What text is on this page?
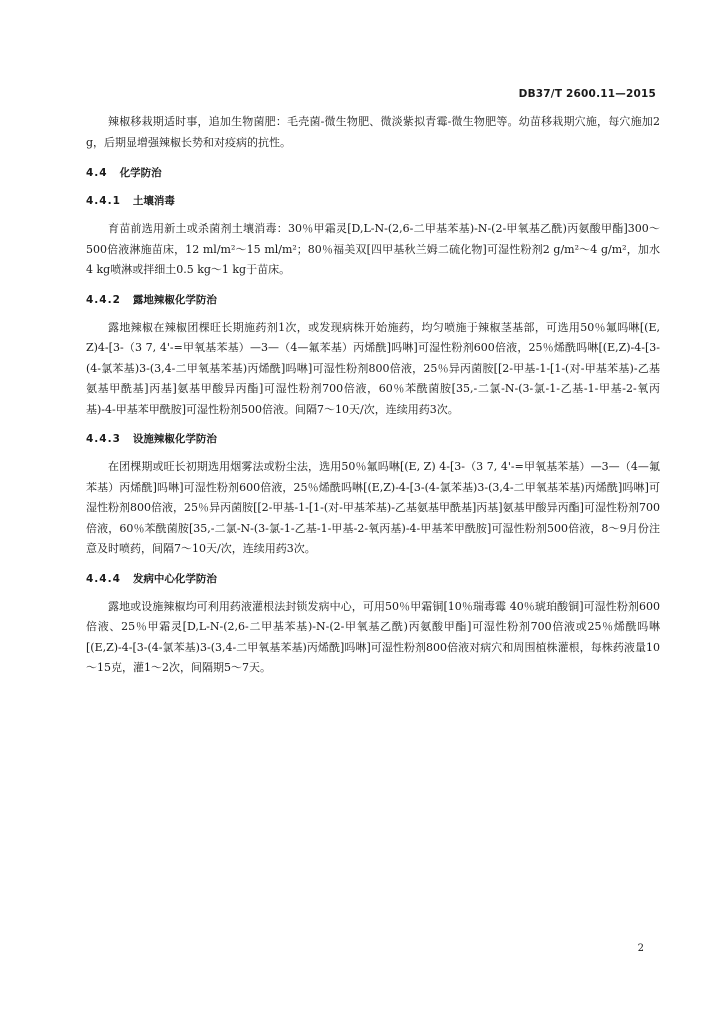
DB37/T 2600.11—2015

辣椒移栽期适时事，追加生物菌肥：毛壳菌-微生物肥、微淡紫拟青霉-微生物肥等。幼苗移栽期穴施，每穴施加2 g，后期显增强辣椒长势和对疫病的抗性。

4.4 化学防治
4.4.1 土壤消毒

育苗前选用新土或杀菌剂土壤消毒：30％甲霜灵[D,L-N-(2,6-二甲基苯基)-N-(2-甲氧基乙酰)丙氨酸甲酯]300～500倍液淋施苗床，12 ml/m²～15 ml/m²；80％福美双[四甲基秋兰姆二硫化物]可湿性粉剂2 g/m²～4 g/m²，加水4 kg喷淋或拌细土0.5 kg～1 kg于苗床。

4.4.2 露地辣椒化学防治

露地辣椒在辣椒团棵旺长期施药剂1次，或发现病株开始施药，均匀喷施于辣椒茎基部，可选用50％氟吗啉[(E, Z)4-[3-（3 7, 4'-=甲氧基苯基）—3—（4—氟苯基）丙烯酰]吗啉]可湿性粉剂600倍液，25％烯酰吗啉[(E,Z)-4-[3-(4-氯苯基)3-(3,4-二甲氧基苯基)丙烯酰]吗啉]可湿性粉剂800倍液，25％异丙菌胺[[2-甲基-1-[1-(对-甲基苯基)-乙基氨基甲酰基]丙基]氨基甲酸异丙酯]可湿性粉剂700倍液，60％苯酰菌胺[35,-二氯-N-(3-氯-1-乙基-1-甲基-2-氧丙基)-4-甲基苯甲酰胺]可湿性粉剂500倍液。间隔7～10天/次，连续用药3次。

4.4.3 设施辣椒化学防治

在团棵期或旺长初期选用烟雾法或粉尘法，选用50％氟吗啉[(E, Z) 4-[3-（3 7, 4'-=甲氧基苯基）—3—（4—氟苯基）丙烯酰]吗啉]可湿性粉剂600倍液，25％烯酰吗啉[(E,Z)-4-[3-(4-氯苯基)3-(3,4-二甲氧基苯基)丙烯酰]吗啉]可湿性粉剂800倍液，25％异丙菌胺[[2-甲基-1-[1-(对-甲基苯基)-乙基氨基甲酰基]丙基]氨基甲酸异丙酯]可湿性粉剂700倍液，60％苯酰菌胺[35,-二氯-N-(3-氯-1-乙基-1-甲基-2-氧丙基)-4-甲基苯甲酰胺]可湿性粉剂500倍液，8～9月份注意及时喷药，间隔7～10天/次，连续用药3次。

4.4.4 发病中心化学防治

露地或设施辣椒均可利用药液灌根法封锁发病中心，可用50％甲霜铜[10％瑞毒霉 40％琥珀酸铜]可湿性粉剂600倍液、25％甲霜灵[D,L-N-(2,6-二甲基苯基)-N-(2-甲氧基乙酰)丙氨酸甲酯]可湿性粉剂700倍液或25％烯酰吗啉[(E,Z)-4-[3-(4-氯苯基)3-(3,4-二甲氧基苯基)丙烯酰]吗啉]可湿性粉剂800倍液对病穴和周围植株灌根，每株药液量10～15克，灌1～2次，间隔期5～7天。

2
